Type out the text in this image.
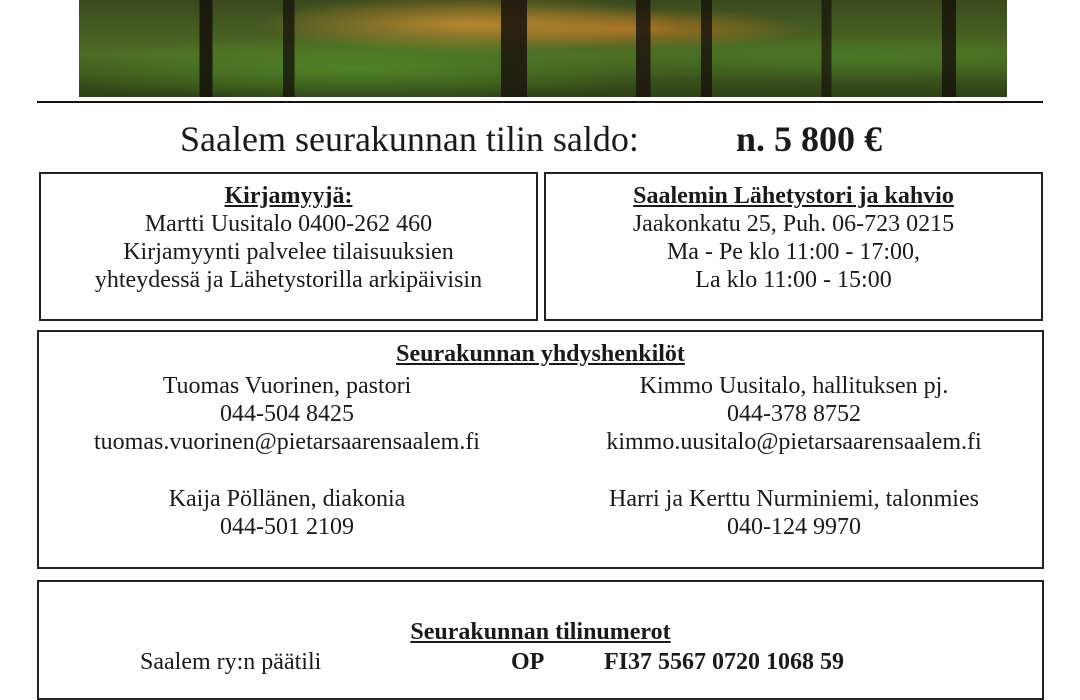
Saalem seurakunnan tilin saldo:	n. 5 800 €
Kirjamyyjä:
Martti Uusitalo 0400-262 460
Kirjamyynti palvelee tilaisuuksien
yhteydessä ja Lähetystorilla arkipäivisin
Saalemin Lähetystori ja kahvio
Jaakonkatu 25, Puh. 06-723 0215
Ma - Pe klo 11:00 - 17:00,
La klo 11:00 - 15:00
Seurakunnan yhdyshenkilöt
Tuomas Vuorinen, pastori
044-504 8425
tuomas.vuorinen@pietarsaarensaalem.fi
Kimmo Uusitalo, hallituksen pj.
044-378 8752
kimmo.uusitalo@pietarsaarensaalem.fi
Kaija Pöllänen, diakonia
044-501 2109
Harri ja Kerttu Nurminiemi, talonmies
040-124 9970
Seurakunnan tilinumerot
Saalem ry:n päätili	OP FI37 5567 0720 1068 59
